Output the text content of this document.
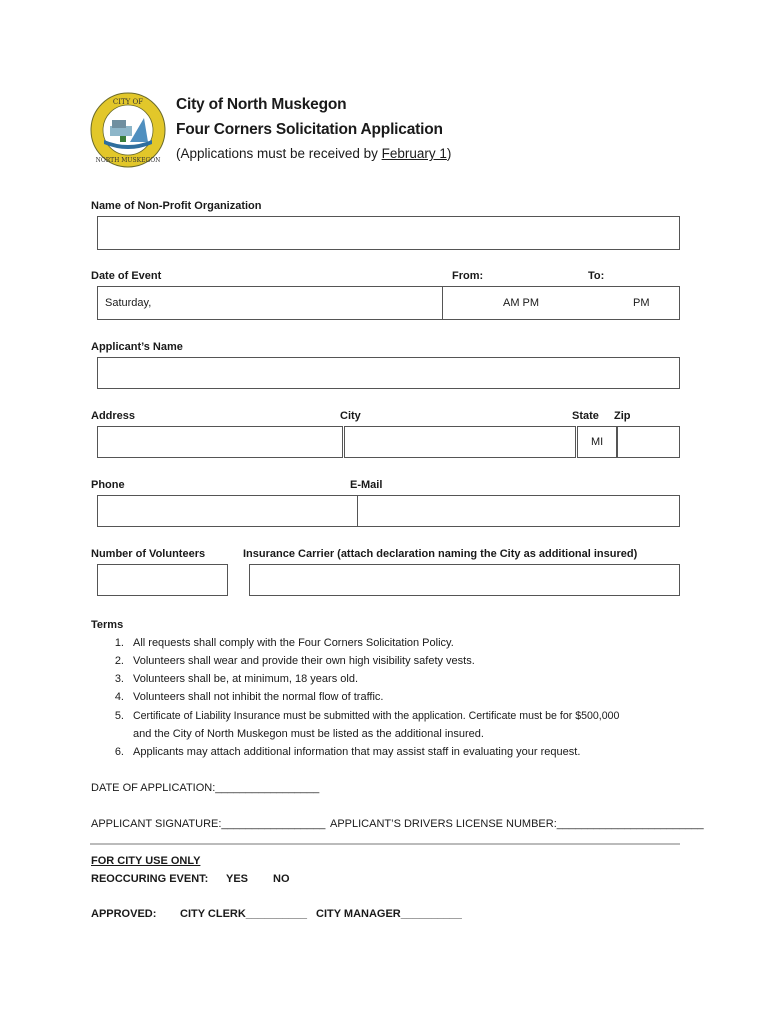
CITY OF
NORTH MUSKEGON
City of North Muskegon
Four Corners Solicitation Application
(Applications must be received by February 1)
Name of Non-Profit Organization
Date of Event	From:	To:
Saturday,	AM PM	PM
Applicant’s Name
Address	City	State Zip
MI
Phone	E-Mail
Number of Volunteers	Insurance Carrier (attach declaration naming the City as additional insured)
Terms
1. All requests shall comply with the Four Corners Solicitation Policy.
2. Volunteers shall wear and provide their own high visibility safety vests.
3. Volunteers shall be, at minimum, 18 years old.
4. Volunteers shall not inhibit the normal flow of traffic.
5. Certificate of Liability Insurance must be submitted with the application. Certificate must be for $500,000
and the City of North Muskegon must be listed as the additional insured.
6. Applicants may attach additional information that may assist staff in evaluating your request.
DATE OF APPLICATION:_________________
APPLICANT SIGNATURE:_________________ APPLICANT’S DRIVERS LICENSE NUMBER:________________________
FOR CITY USE ONLY
REOCCURING EVENT: YES NO
APPROVED: CITY CLERK__________ CITY MANAGER__________
